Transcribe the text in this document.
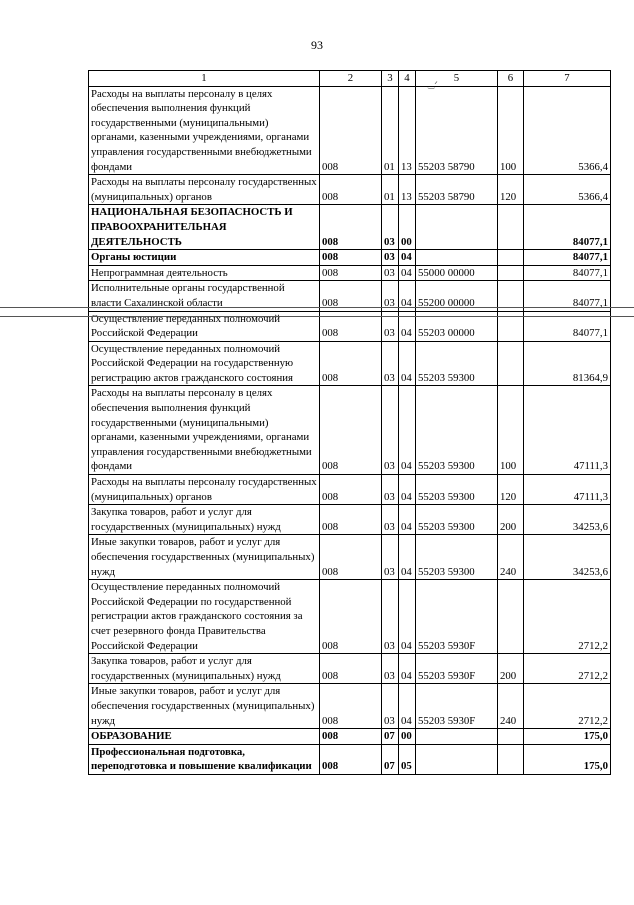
93
1	2	3	4	5	6	7
Расходы на выплаты персоналу в целях обеспечения выполнения функций государственными (муниципальными) органами, казенными учреждениями, органами управления государственными внебюджетными фондами	008	01	13	55203 58790	100	5366,4
Расходы на выплаты персоналу государственных (муниципальных) органов	008	01	13	55203 58790	120	5366,4
НАЦИОНАЛЬНАЯ БЕЗОПАСНОСТЬ И ПРАВООХРАНИТЕЛЬНАЯ ДЕЯТЕЛЬНОСТЬ	008	03	00			84077,1
Органы юстиции	008	03	04			84077,1
Непрограммная деятельность	008	03	04	55000 00000		84077,1
Исполнительные органы государственной власти Сахалинской области	008	03	04	55200 00000		84077,1
Осуществление переданных полномочий Российской Федерации	008	03	04	55203 00000		84077,1
Осуществление переданных полномочий Российской Федерации на государственную регистрацию актов гражданского состояния	008	03	04	55203 59300		81364,9
Расходы на выплаты персоналу в целях обеспечения выполнения функций государственными (муниципальными) органами, казенными учреждениями, органами управления государственными внебюджетными фондами	008	03	04	55203 59300	100	47111,3
Расходы на выплаты персоналу государственных (муниципальных) органов	008	03	04	55203 59300	120	47111,3
Закупка товаров, работ и услуг для государственных (муниципальных) нужд	008	03	04	55203 59300	200	34253,6
Иные закупки товаров, работ и услуг для обеспечения государственных (муниципальных) нужд	008	03	04	55203 59300	240	34253,6
Осуществление переданных полномочий Российской Федерации по государственной регистрации актов гражданского состояния за счет резервного фонда Правительства Российской Федерации	008	03	04	55203 5930F		2712,2
Закупка товаров, работ и услуг для государственных (муниципальных) нужд	008	03	04	55203 5930F	200	2712,2
Иные закупки товаров, работ и услуг для обеспечения государственных (муниципальных) нужд	008	03	04	55203 5930F	240	2712,2
ОБРАЗОВАНИЕ	008	07	00			175,0
Профессиональная подготовка, переподготовка и повышение квалификации	008	07	05			175,0
‿ᐟ
